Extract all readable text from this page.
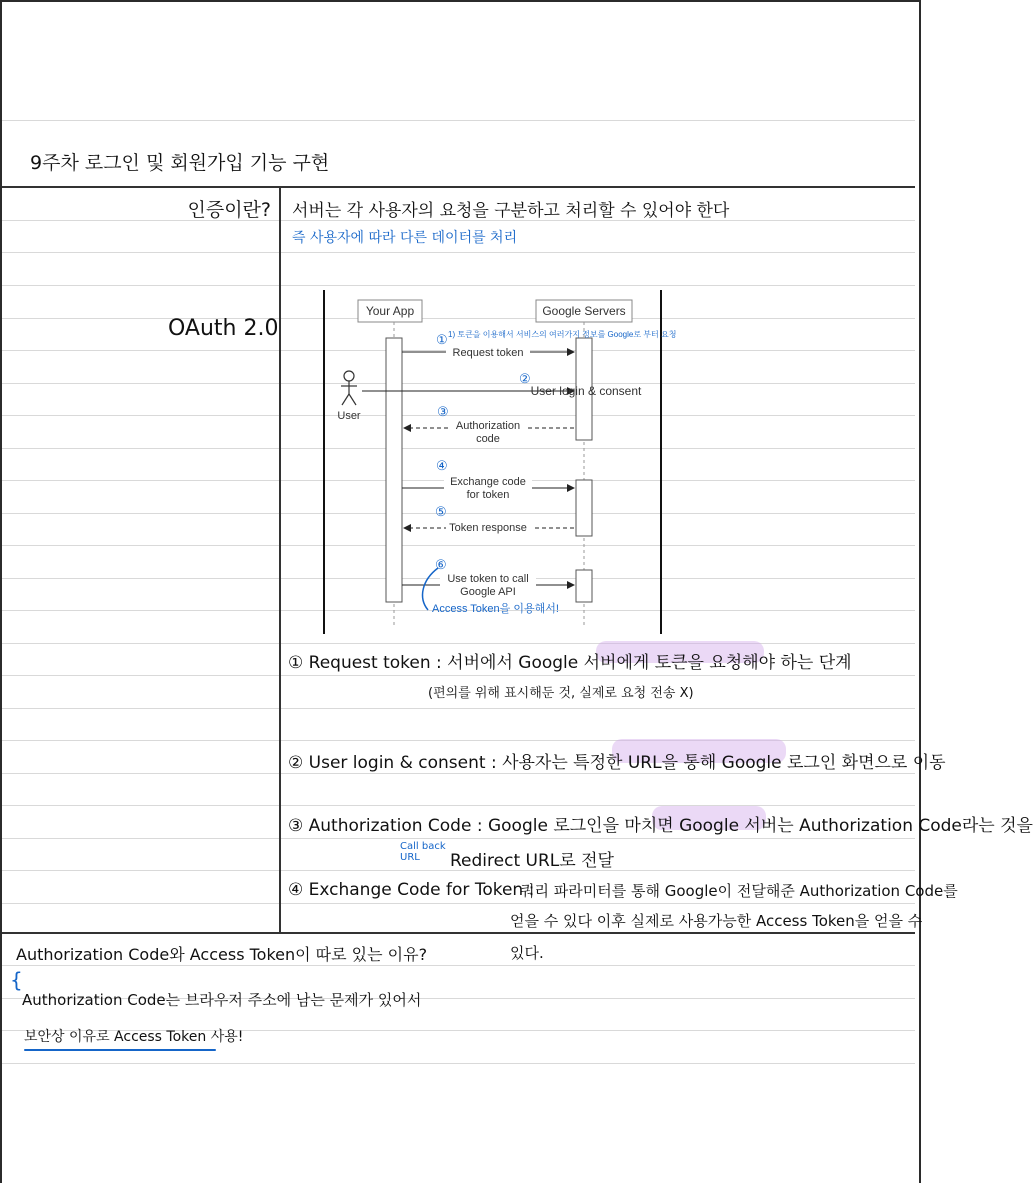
9주차 로그인 및 회원가입 기능 구현
인증이란?
OAuth 2.0
서버는 각 사용자의 요청을 구분하고 처리할 수 있어야 한다
즉 사용자에 따라 다른 데이터를 처리
Your App	Google Servers
User
Request token
User login & consent
Authorization
code
Exchange code
for token
Token response
Use token to call
Google API
① 1) 토큰을 이용해서 서비스의 여러가지 정보를 Google로 부터 요청
②
③
④
⑤
⑥
Access Token을 이용해서!
① Request token : 서버에서 Google 서버에게 토큰을 요청해야 하는 단계
(편의를 위해 표시해둔 것, 실제로 요청 전송 X)
② User login & consent : 사용자는 특정한 URL을 통해 Google 로그인 화면으로 이동
③ Authorization Code : Google 로그인을 마치면 Google 서버는 Authorization Code라는 것을
Call back
URL	Redirect URL로 전달
④ Exchange Code for Token :
쿼리 파라미터를 통해 Google이 전달해준 Authorization Code를
얻을 수 있다 이후 실제로 사용가능한 Access Token을 얻을 수
있다.
Authorization Code와 Access Token이 따로 있는 이유?
{
Authorization Code는 브라우저 주소에 남는 문제가 있어서
보안상 이유로 Access Token 사용!
